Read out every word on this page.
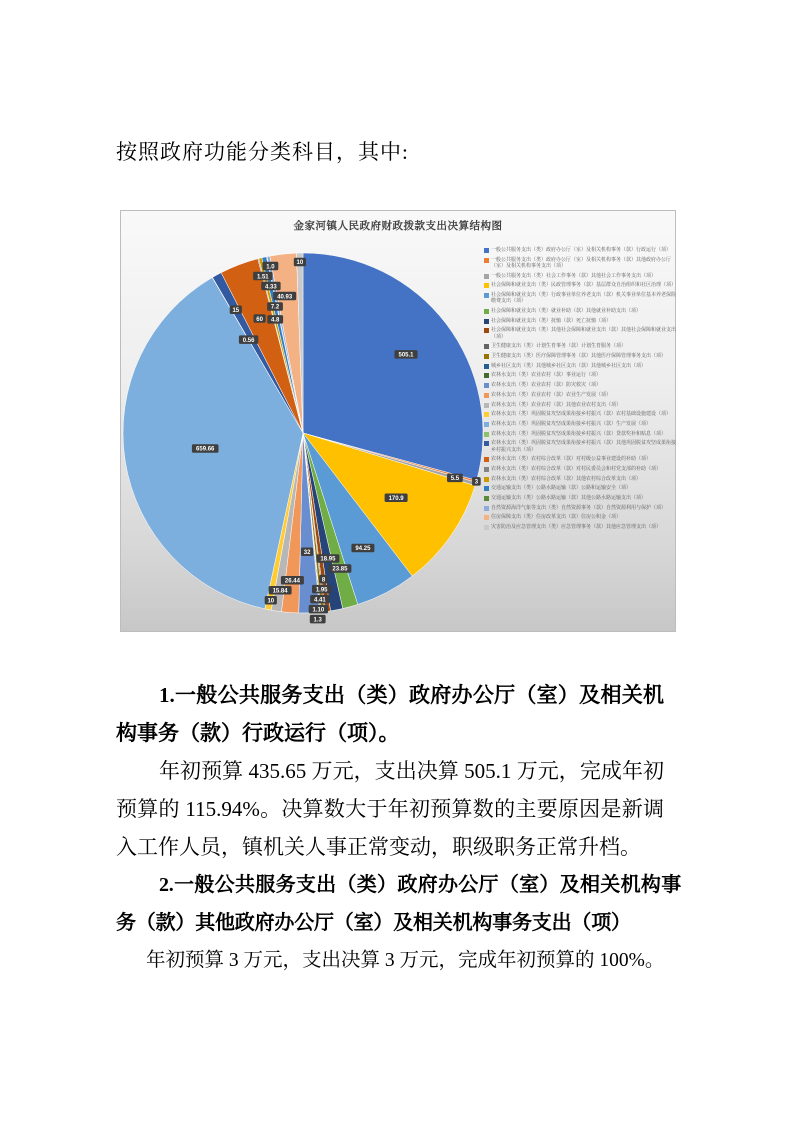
按照政府功能分类科目，其中:
金家河镇人民政府财政拨款支出决算结构图
505.1
3
5.5
170.9
94.25
23.85
18.95
8
1.95
4.41
1.10
1.3
32
26.44
15.84
10
659.66
0.56
15
60
1.51
4.8
7.2
1.0
4.33
40.93
10
一般公共服务支出（类）政府办公厅（室）及相关机构事务（款）行政运行（项）
一般公共服务支出（类）政府办公厅（室）及相关机构事务（款）其他政府办公厅（室）及相关机构事务支出（项）
一般公共服务支出（类）社会工作事务（款）其他社会工作事务支出（项）
社会保障和就业支出（类）民政管理事务（款）基层群众自治组织和社区治理（项）
社会保障和就业支出（类）行政事业单位养老支出（款）机关事业单位基本养老保险缴费支出（项）
社会保障和就业支出（类）就业补助（款）其他就业补助支出（项）
社会保障和就业支出（类）抚恤（款）死亡抚恤（项）
社会保障和就业支出（类）其他社会保障和就业支出（款）其他社会保障和就业支出（项）
卫生健康支出（类）计划生育事务（款）计划生育服务（项）
卫生健康支出（类）医疗保障管理事务（款）其他医疗保障管理事务支出（项）
城乡社区支出（类）其他城乡社区支出（款）其他城乡社区支出（项）
农林水支出（类）农业农村（款）事业运行（项）
农林水支出（类）农业农村（款）防灾救灾（项）
农林水支出（类）农业农村（款）农业生产发展（项）
农林水支出（类）农业农村（款）其他农业农村支出（项）
农林水支出（类）巩固脱贫攻坚成果衔接乡村振兴（款）农村基础设施建设（项）
农林水支出（类）巩固脱贫攻坚成果衔接乡村振兴（款）生产发展（项）
农林水支出（类）巩固脱贫攻坚成果衔接乡村振兴（款）贷款奖补和贴息（项）
农林水支出（类）巩固脱贫攻坚成果衔接乡村振兴（款）其他巩固脱贫攻坚成果衔接乡村振兴支出（项）
农林水支出（类）农村综合改革（款）对村级公益事业建设的补助（项）
农林水支出（类）农村综合改革（款）对村民委员会和村党支部的补助（项）
农林水支出（类）农村综合改革（款）其他农村综合改革支出（项）
交通运输支出（类）公路水路运输（款）公路和运输安全（项）
交通运输支出（类）公路水路运输（款）其他公路水路运输支出（项）
自然资源海洋气象等支出（类）自然资源事务（款）自然资源利用与保护（项）
住房保障支出（类）住房改革支出（款）住房公积金（项）
灾害防治及应急管理支出（类）应急管理事务（款）其他应急管理支出（项）

1.一般公共服务支出（类）政府办公厅（室）及相关机构事务（款）行政运行（项）。

年初预算 435.65 万元，支出决算 505.1 万元，完成年初预算的 115.94%。决算数大于年初预算数的主要原因是新调入工作人员，镇机关人事正常变动，职级职务正常升档。

2.一般公共服务支出（类）政府办公厅（室）及相关机构事务（款）其他政府办公厅（室）及相关机构事务支出（项）

年初预算 3 万元，支出决算 3 万元，完成年初预算的 100%。
